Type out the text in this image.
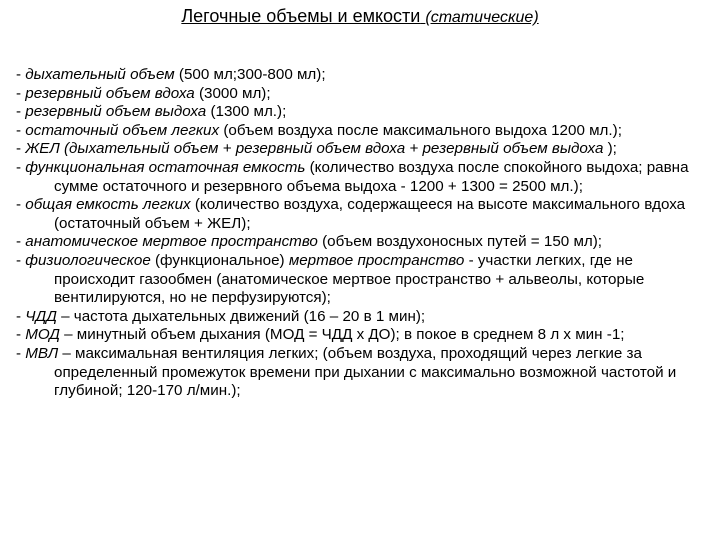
Легочные объемы и емкости (статические)

- дыхательный объем (500 мл;300-800 мл);

- резервный объем вдоха (3000 мл);

- резервный объем выдоха (1300 мл.);

- остаточный объем легких (объем воздуха после максимального выдоха 1200 мл.);

- ЖЕЛ (дыхательный объем + резервный объем вдоха + резервный объем выдоха );

- функциональная остаточная емкость (количество воздуха после спокойного выдоха; равна сумме остаточного и резервного объема выдоха - 1200 + 1300 = 2500 мл.);

- общая емкость легких (количество воздуха, содержащееся на высоте максимального вдоха (остаточный объем + ЖЕЛ);

- анатомическое мертвое пространство (объем воздухоносных путей = 150 мл);

- физиологическое (функциональное) мертвое пространство - участки легких, где не происходит газообмен (анатомическое мертвое пространство + альвеолы, которые вентилируются, но не перфузируются);

- ЧДД – частота дыхательных движений (16 – 20 в 1 мин);

- МОД – минутный объем дыхания (МОД = ЧДД х ДО); в покое в среднем 8 л х мин -1;

- МВЛ – максимальная вентиляция легких; (объем воздуха, проходящий через легкие за определенный промежуток времени при дыхании с максимально возможной частотой и глубиной; 120-170 л/мин.);
